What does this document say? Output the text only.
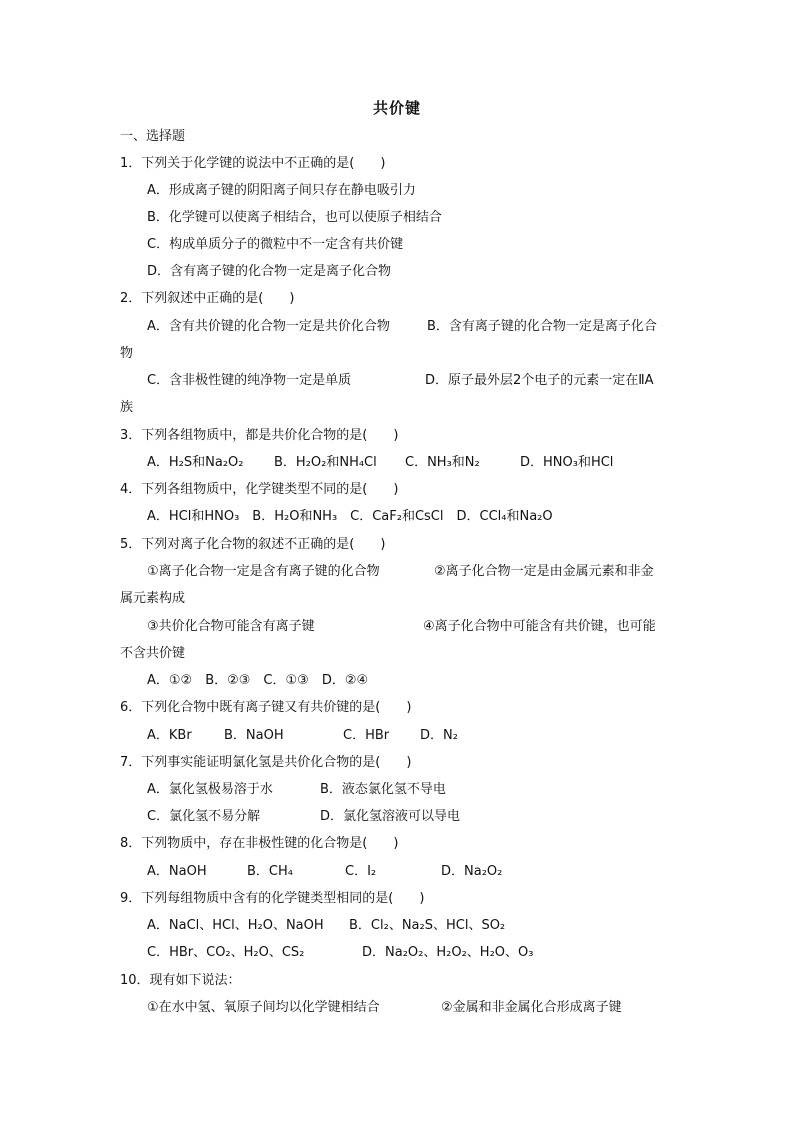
共价键
一、选择题
1．下列关于化学键的说法中不正确的是(　　)
A．形成离子键的阴阳离子间只存在静电吸引力
B．化学键可以使离子相结合，也可以使原子相结合
C．构成单质分子的微粒中不一定含有共价键
D．含有离子键的化合物一定是离子化合物
2．下列叙述中正确的是(　　)
A．含有共价键的化合物一定是共价化合物	B．含有离子键的化合物一定是离子化合
物
C．含非极性键的纯净物一定是单质	D．原子最外层2个电子的元素一定在ⅡA
族
3．下列各组物质中，都是共价化合物的是(　　)
A．H₂S和Na₂O₂ B．H₂O₂和NH₄Cl C．NH₃和N₂	D．HNO₃和HCl
4．下列各组物质中，化学键类型不同的是(　　)
A．HCl和HNO₃　B．H₂O和NH₃　C．CaF₂和CsCl　D．CCl₄和Na₂O
5．下列对离子化合物的叙述不正确的是(　　)
①离子化合物一定是含有离子键的化合物	②离子化合物一定是由金属元素和非金
属元素构成
③共价化合物可能含有离子键	④离子化合物中可能含有共价键，也可能
不含共价键
A．①②　B．②③　C．①③　D．②④
6．下列化合物中既有离子键又有共价键的是(　　)
A．KBr B．NaOH	C．HBr D．N₂
7．下列事实能证明氯化氢是共价化合物的是(　　)
A．氯化氢极易溶于水	B．液态氯化氢不导电
C．氯化氢不易分解	D．氯化氢溶液可以导电
8．下列物质中，存在非极性键的化合物是(　　)
A．NaOH	B．CH₄	C．I₂	D．Na₂O₂
9．下列每组物质中含有的化学键类型相同的是(　　)
A．NaCl、HCl、H₂O、NaOH B．Cl₂、Na₂S、HCl、SO₂
C．HBr、CO₂、H₂O、CS₂	D．Na₂O₂、H₂O₂、H₂O、O₃
10．现有如下说法：
①在水中氢、氧原子间均以化学键相结合	②金属和非金属化合形成离子键
